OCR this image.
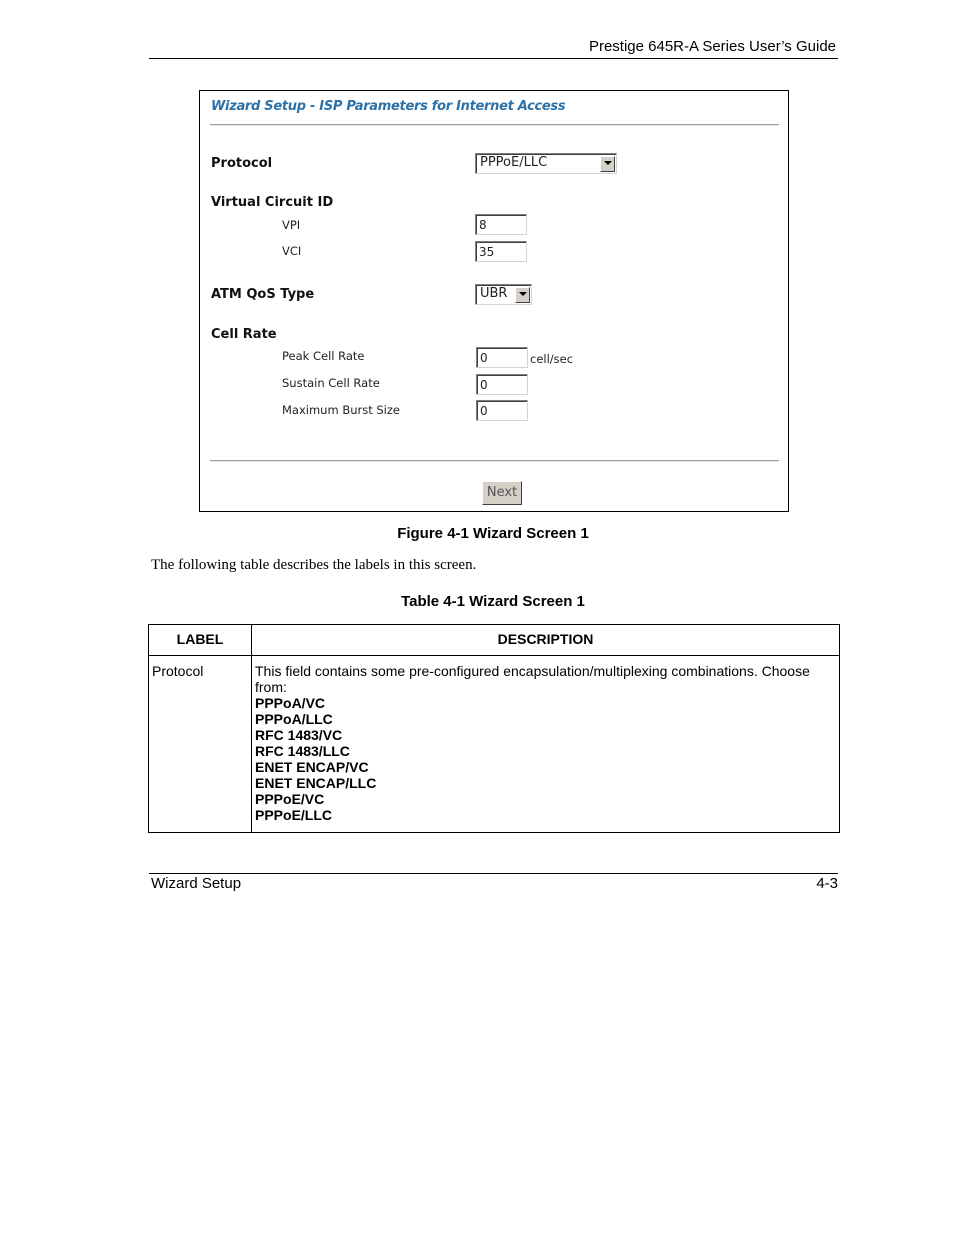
Prestige 645R-A Series User’s Guide
Wizard Setup - ISP Parameters for Internet Access
Protocol	PPPoE/LLC
Virtual Circuit ID
VPI	8
VCI	35
ATM QoS Type	UBR
Cell Rate
Peak Cell Rate	0	cell/sec
Sustain Cell Rate	0
Maximum Burst Size	0
Next
Figure 4-1 Wizard Screen 1
The following table describes the labels in this screen.
Table 4-1 Wizard Screen 1
LABEL	DESCRIPTION
Protocol	This field contains some pre-configured encapsulation/multiplexing combinations. Choose from:
PPPoA/VC
PPPoA/LLC
RFC 1483/VC
RFC 1483/LLC
ENET ENCAP/VC
ENET ENCAP/LLC
PPPoE/VC
PPPoE/LLC
Wizard Setup	4-3
